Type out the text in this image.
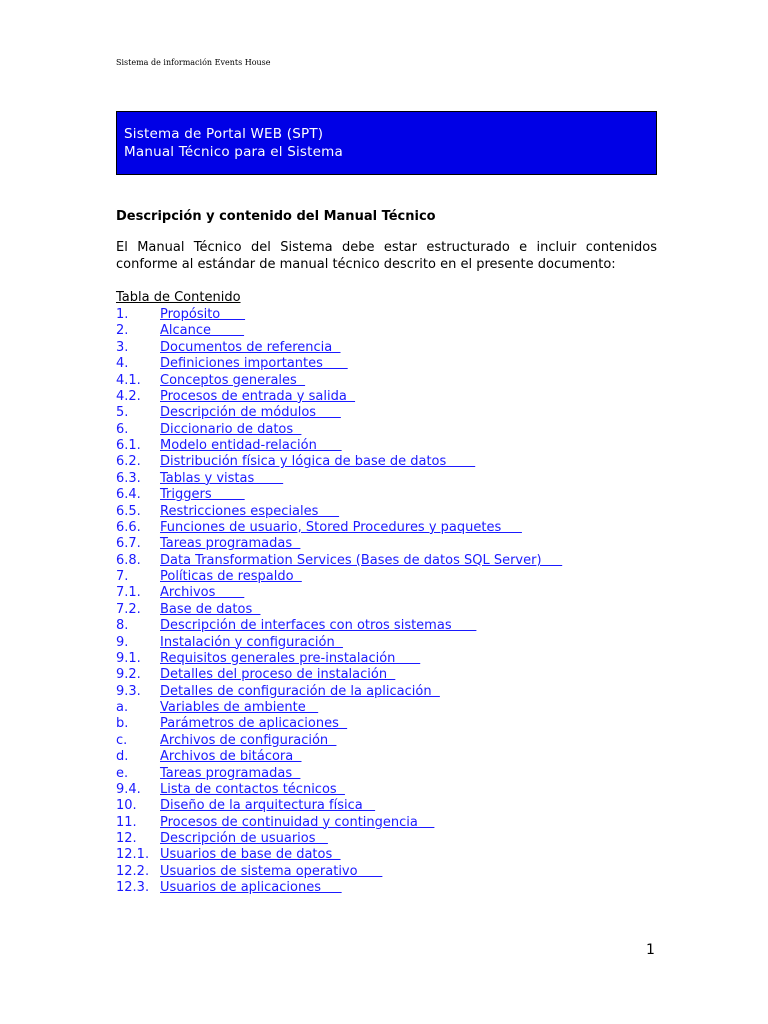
Sistema de información Events House
Sistema de Portal WEB (SPT)
Manual Técnico para el Sistema
Descripción y contenido del Manual Técnico
El Manual Técnico del Sistema debe estar estructurado e incluir contenidos conforme al estándar de manual técnico descrito en el presente documento:
Tabla de Contenido
1. Propósito
2. Alcance
3. Documentos de referencia
4. Definiciones importantes
4.1. Conceptos generales
4.2. Procesos de entrada y salida
5. Descripción de módulos
6. Diccionario de datos
6.1. Modelo entidad-relación
6.2. Distribución física y lógica de base de datos
6.3. Tablas y vistas
6.4. Triggers
6.5. Restricciones especiales
6.6. Funciones de usuario, Stored Procedures y paquetes
6.7. Tareas programadas
6.8. Data Transformation Services (Bases de datos SQL Server)
7. Políticas de respaldo
7.1. Archivos
7.2. Base de datos
8. Descripción de interfaces con otros sistemas
9. Instalación y configuración
9.1. Requisitos generales pre-instalación
9.2. Detalles del proceso de instalación
9.3. Detalles de configuración de la aplicación
a. Variables de ambiente
b. Parámetros de aplicaciones
c.	Archivos de configuración
d. Archivos de bitácora
e. Tareas programadas
9.4. Lista de contactos técnicos
10. Diseño de la arquitectura física
11. Procesos de continuidad y contingencia
12. Descripción de usuarios
12.1. Usuarios de base de datos
12.2. Usuarios de sistema operativo
12.3. Usuarios de aplicaciones
1
